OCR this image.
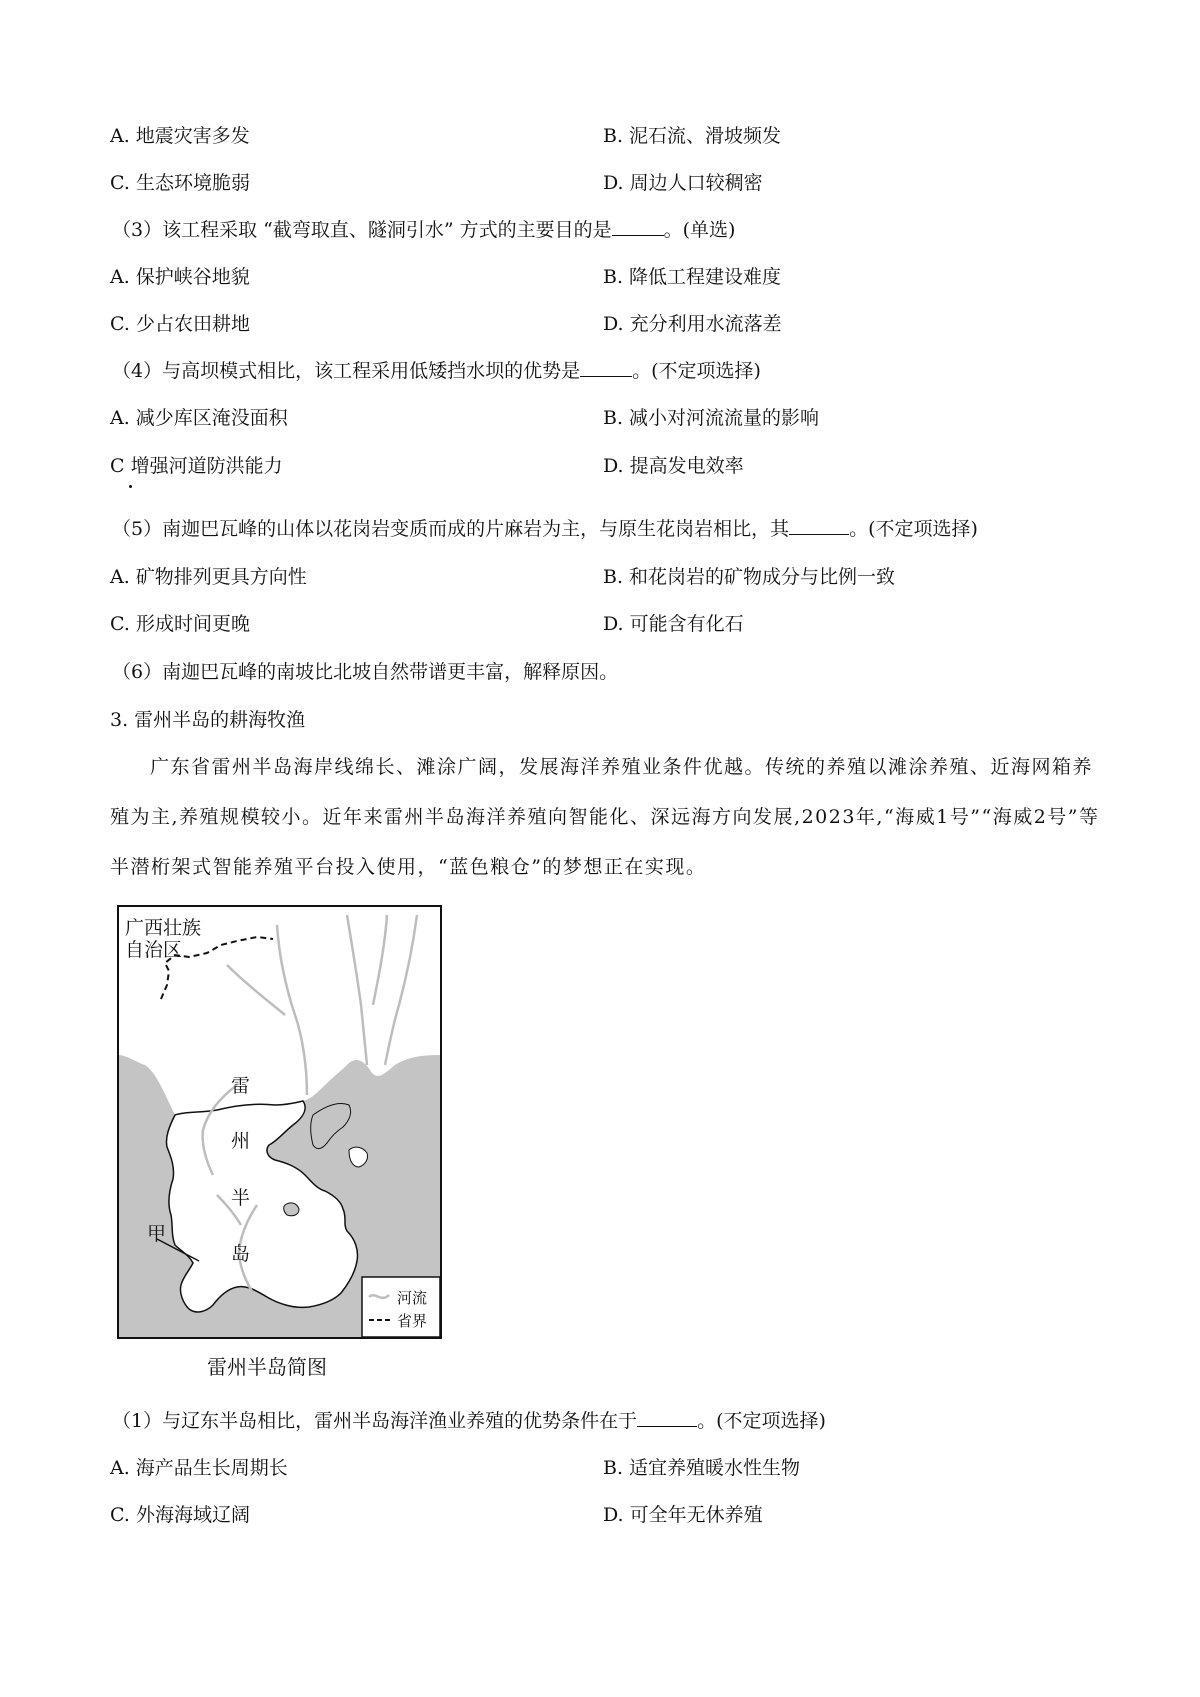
A. 地震灾害多发	B. 泥石流、滑坡频发
C. 生态环境脆弱	D. 周边人口较稠密
（3）该工程采取 “截弯取直、隧洞引水” 方式的主要目的是	。(单选)
A. 保护峡谷地貌	B. 降低工程建设难度
C. 少占农田耕地	D. 充分利用水流落差
（4）与高坝模式相比，该工程采用低矮挡水坝的优势是	。(不定项选择)
A. 减少库区淹没面积	B. 减小对河流流量的影响
C 增强河道防洪能力	D. 提高发电效率
（5）南迦巴瓦峰的山体以花岗岩变质而成的片麻岩为主，与原生花岗岩相比，其	。(不定项选择)
A. 矿物排列更具方向性	B. 和花岗岩的矿物成分与比例一致
C. 形成时间更晚	D. 可能含有化石
（6）南迦巴瓦峰的南坡比北坡自然带谱更丰富，解释原因。
3. 雷州半岛的耕海牧渔
广东省雷州半岛海岸线绵长、滩涂广阔，发展海洋养殖业条件优越。传统的养殖以滩涂养殖、近海网箱养殖为主,养殖规模较小。近年来雷州半岛海洋养殖向智能化、深远海方向发展,2023年,“海威1号”“海威2号”等半潜桁架式智能养殖平台投入使用，“蓝色粮仓”的梦想正在实现。
广西壮族
自治区
雷
州
半
岛
甲
河流
省界
雷州半岛简图
（1）与辽东半岛相比，雷州半岛海洋渔业养殖的优势条件在于	。(不定项选择)
A. 海产品生长周期长	B. 适宜养殖暖水性生物
C. 外海海域辽阔	D. 可全年无休养殖
